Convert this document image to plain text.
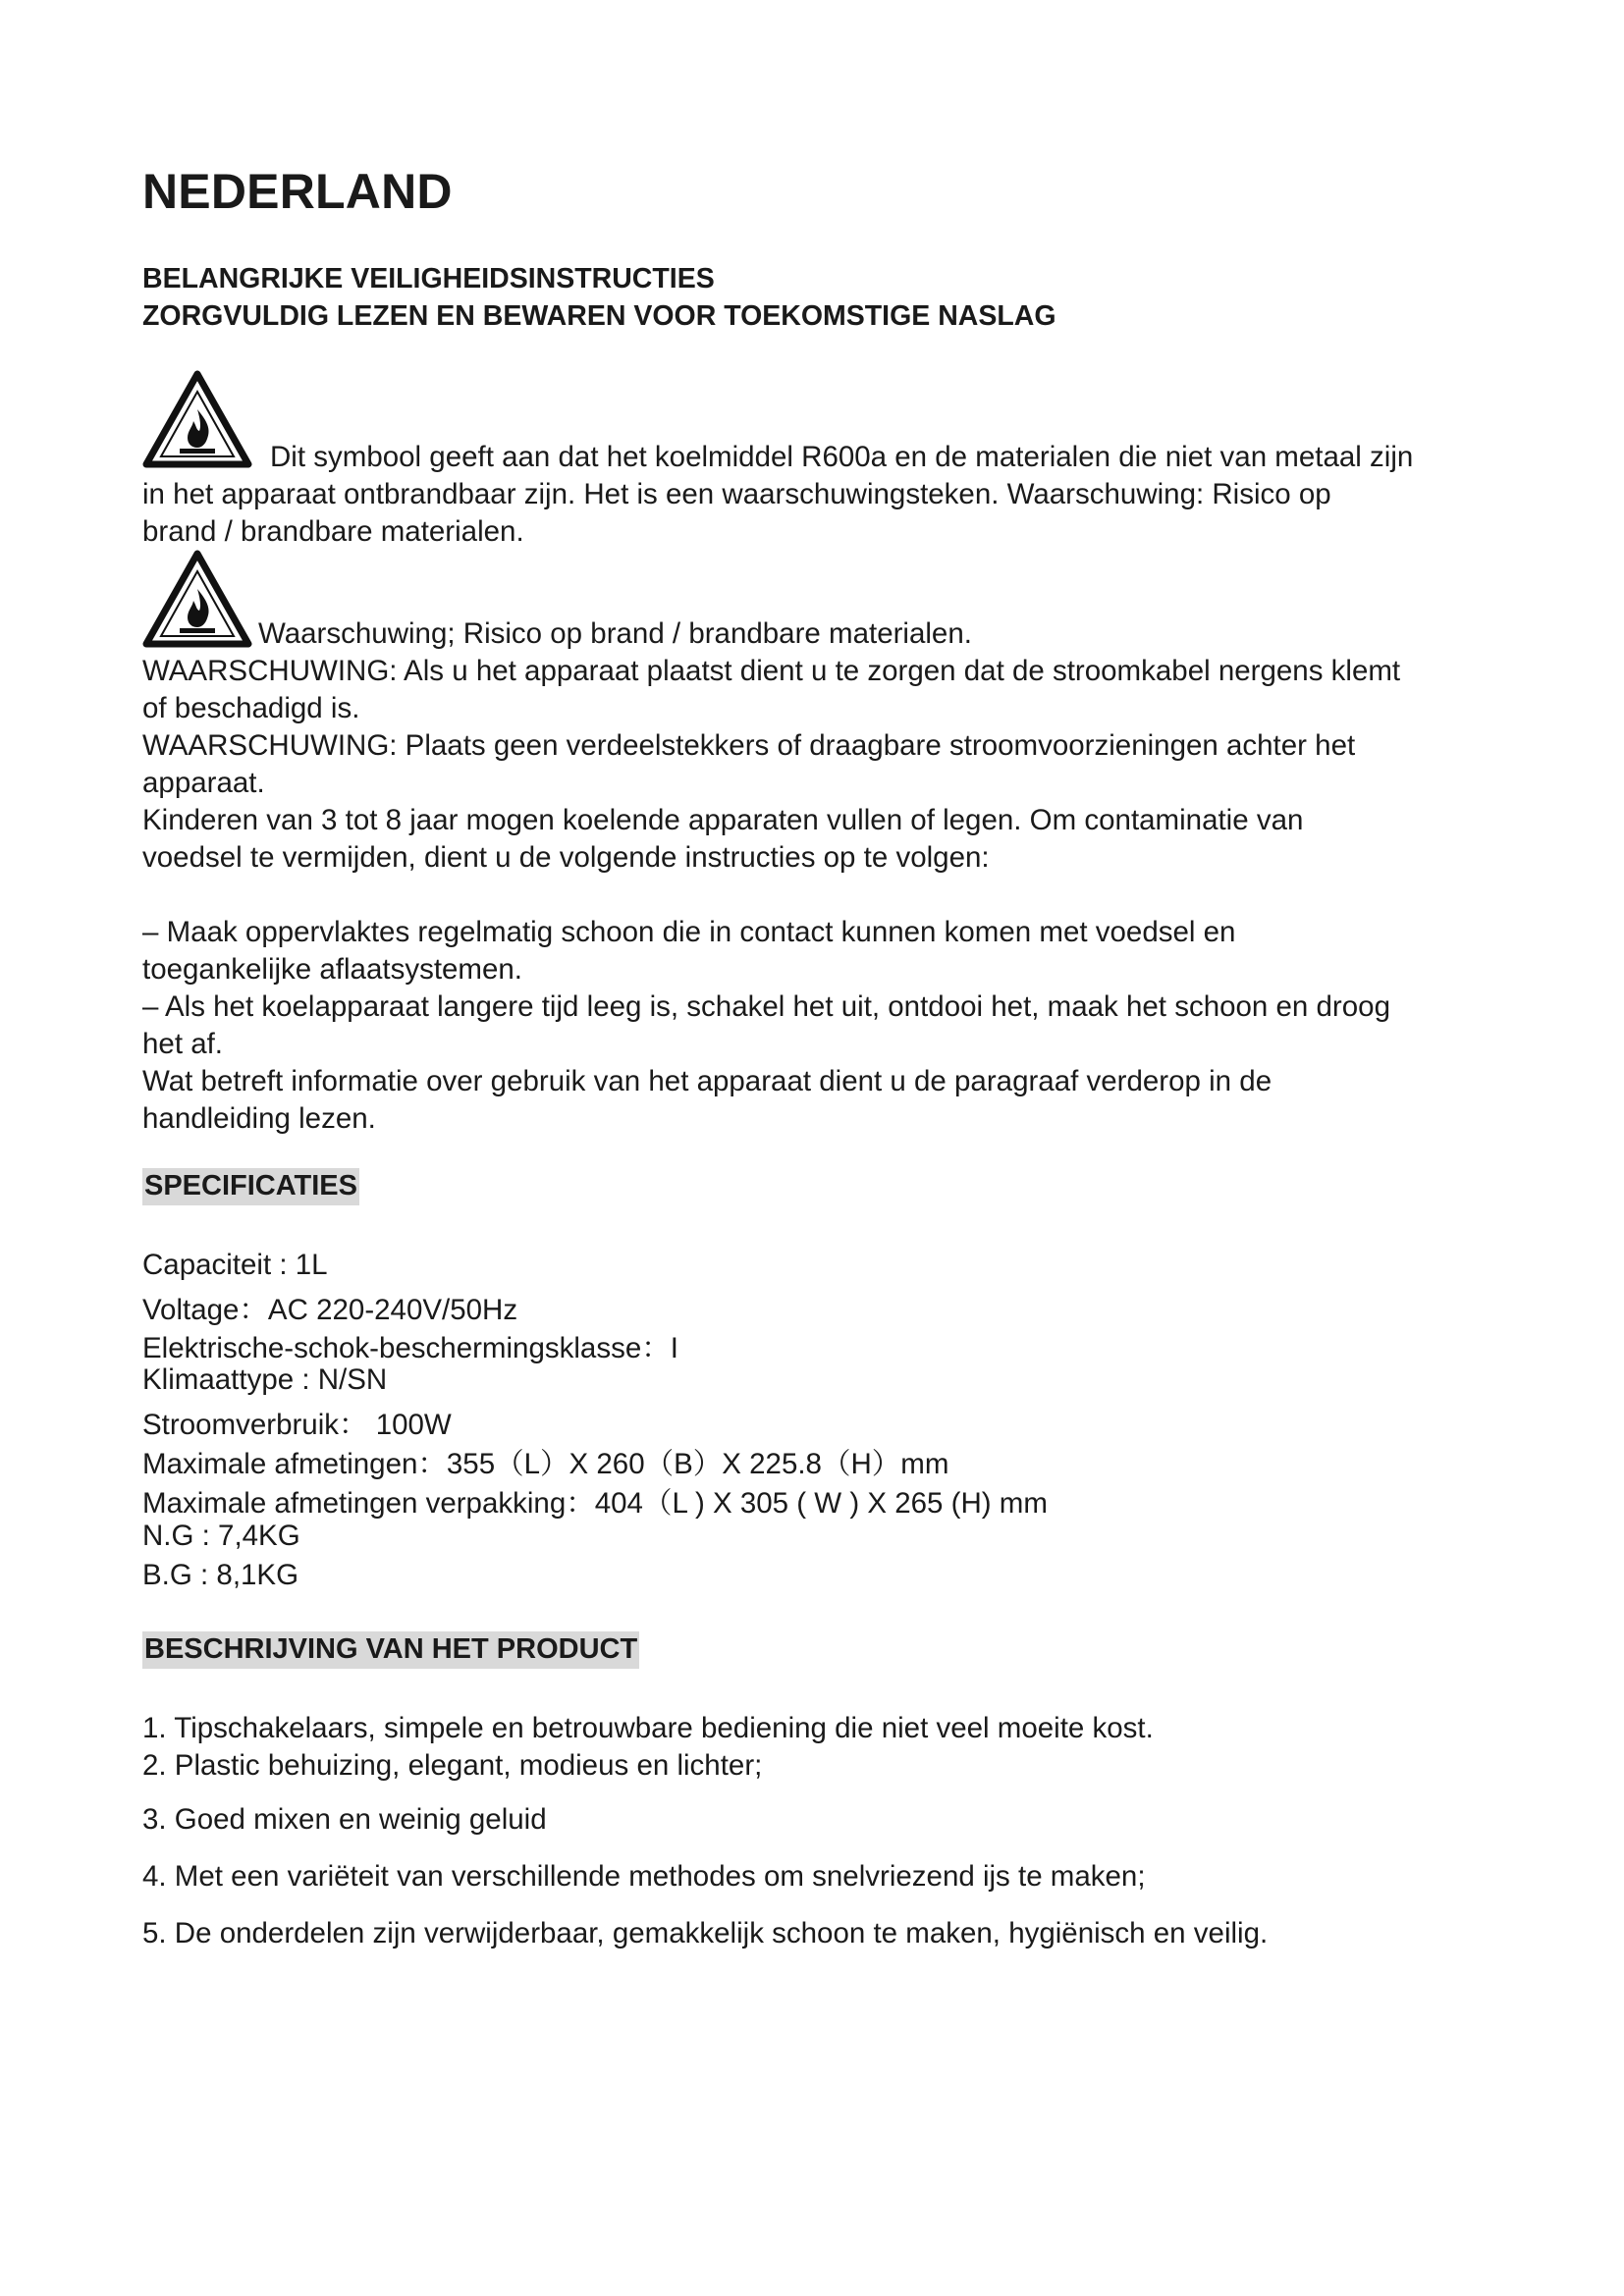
NEDERLAND

BELANGRIJKE VEILIGHEIDSINSTRUCTIES

ZORGVULDIG LEZEN EN BEWAREN VOOR TOEKOMSTIGE NASLAG

Dit symbool geeft aan dat het koelmiddel R600a en de materialen die niet van metaal zijn

in het apparaat ontbrandbaar zijn. Het is een waarschuwingsteken. Waarschuwing: Risico op

brand / brandbare materialen.

Waarschuwing; Risico op brand / brandbare materialen.

WAARSCHUWING: Als u het apparaat plaatst dient u te zorgen dat de stroomkabel nergens klemt

of beschadigd is.

WAARSCHUWING: Plaats geen verdeelstekkers of draagbare stroomvoorzieningen achter het

apparaat.

Kinderen van 3 tot 8 jaar mogen koelende apparaten vullen of legen. Om contaminatie van

voedsel te vermijden, dient u de volgende instructies op te volgen:

– Maak oppervlaktes regelmatig schoon die in contact kunnen komen met voedsel en

toegankelijke aflaatsystemen.

– Als het koelapparaat langere tijd leeg is, schakel het uit, ontdooi het, maak het schoon en droog

het af.

Wat betreft informatie over gebruik van het apparaat dient u de paragraaf verderop in de

handleiding lezen.

SPECIFICATIES

Capaciteit : 1L

Voltage：AC 220-240V/50Hz

Elektrische-schok-beschermingsklasse：I

Klimaattype : N/SN

Stroomverbruik： 100W

Maximale afmetingen：355（L）X 260（B）X 225.8（H）mm

Maximale afmetingen verpakking：404（L ) X 305 ( W ) X 265 (H) mm

N.G : 7,4KG

B.G : 8,1KG

BESCHRIJVING VAN HET PRODUCT

1. Tipschakelaars, simpele en betrouwbare bediening die niet veel moeite kost.

2. Plastic behuizing, elegant, modieus en lichter;

3. Goed mixen en weinig geluid

4. Met een variëteit van verschillende methodes om snelvriezend ijs te maken;

5. De onderdelen zijn verwijderbaar, gemakkelijk schoon te maken, hygiënisch en veilig.
